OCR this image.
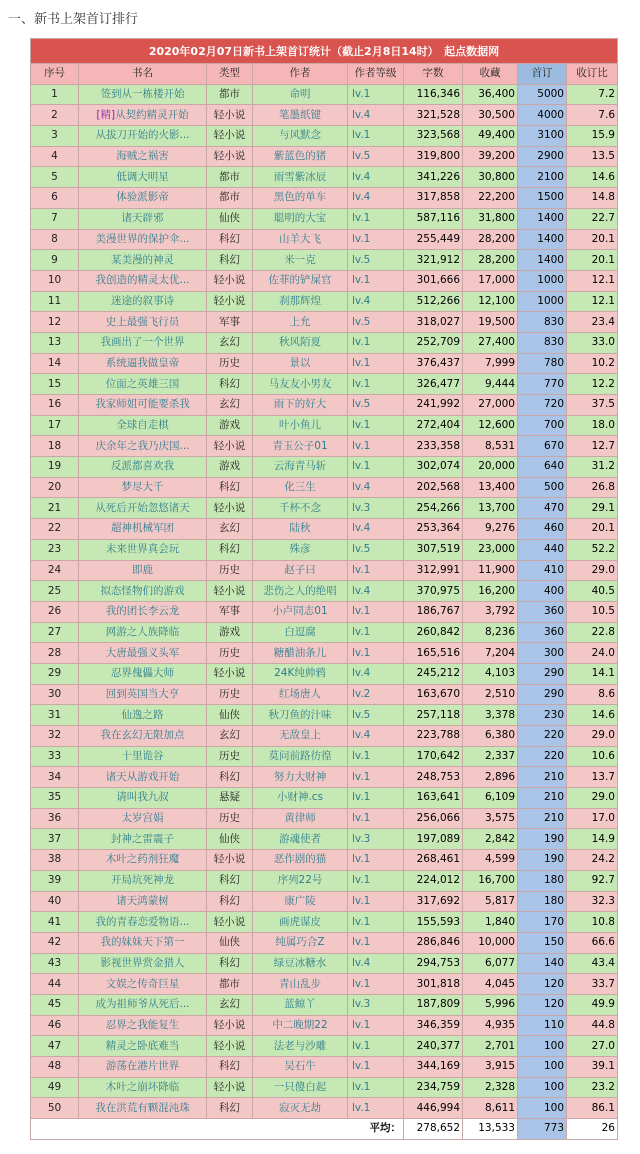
一、新书上架首订排行
2020年02月07日新书上架首订统计（截止2月8日14时）　起点数据网								
序号	书名	类型	作者	作者等级	字数	收藏	首订	收订比
1	签到从一栋楼开始	都市	命明	lv.1	116,346	36,400	5000	7.2
2	[精]从契约精灵开始	轻小说	笔墨纸键	lv.4	321,528	30,500	4000	7.6
3	从拔刀开始的火影...	轻小说	与风默念	lv.1	323,568	49,400	3100	15.9
4	海贼之祸害	轻小说	紫蓝色的猪	lv.5	319,800	39,200	2900	13.5
5	低调大明星	都市	雨雪紫冰辰	lv.4	341,226	30,800	2100	14.6
6	体验派影帝	都市	黑色的单车	lv.4	317,858	22,200	1500	14.8
7	诸天辟邪	仙侠	聪明的大宝	lv.1	587,116	31,800	1400	22.7
8	美漫世界的保护伞...	科幻	山羊大飞	lv.1	255,449	28,200	1400	20.1
9	某美漫的神灵	科幻	米一克	lv.5	321,912	28,200	1400	20.1
10	我创造的精灵太优...	轻小说	佐菲的铲屎官	lv.1	301,666	17,000	1000	12.1
11	迷途的叙事诗	轻小说	刹那辉煌	lv.4	512,266	12,100	1000	12.1
12	史上最强飞行员	军事	上允	lv.5	318,027	19,500	830	23.4
13	我画出了一个世界	玄幻	秋风陌夏	lv.1	252,709	27,400	830	33.0
14	系统逼我做皇帝	历史	景以	lv.1	376,437	7,999	780	10.2
15	位面之英雄三国	科幻	马友友小男友	lv.1	326,477	9,444	770	12.2
16	我家师姐可能要杀我	玄幻	雨下的好大	lv.5	241,992	27,000	720	37.5
17	全球自走棋	游戏	叶小鱼儿	lv.1	272,404	12,600	700	18.0
18	庆余年之我乃庆国...	轻小说	青玉公子01	lv.1	233,358	8,531	670	12.7
19	反派都喜欢我	游戏	云海青马斩	lv.1	302,074	20,000	640	31.2
20	梦尽大千	科幻	化三生	lv.4	202,568	13,400	500	26.8
21	从死后开始忽悠诸天	轻小说	千杯不念	lv.3	254,266	13,700	470	29.1
22	超神机械军团	玄幻	陆秋	lv.4	253,364	9,276	460	20.1
23	未来世界真会玩	科幻	殊彦	lv.5	307,519	23,000	440	52.2
24	即鹿	历史	赵子曰	lv.1	312,991	11,900	410	29.0
25	拟态怪物们的游戏	轻小说	悲伤之人的绝唱	lv.4	370,975	16,200	400	40.5
26	我的团长李云龙	军事	小卢同志01	lv.1	186,767	3,792	360	10.5
27	网游之人族降临	游戏	白逗腐	lv.1	260,842	8,236	360	22.8
28	大唐最强义头军	历史	糖醋油条儿	lv.1	165,516	7,204	300	24.0
29	忍界傀儡大师	轻小说	24K纯帅鸦	lv.4	245,212	4,103	290	14.1
30	回到英国当大亨	历史	红场唐人	lv.2	163,670	2,510	290	8.6
31	仙逸之路	仙侠	秋刀鱼的汁味	lv.5	257,118	3,378	230	14.6
32	我在玄幻无限加点	玄幻	无敌皇上	lv.4	223,788	6,380	220	29.0
33	十里诡谷	历史	莫问前路彷徨	lv.1	170,642	2,337	220	10.6
34	诸天从游戏开始	科幻	努力大财神	lv.1	248,753	2,896	210	13.7
35	请叫我九叔	悬疑	小财神.cs	lv.1	163,641	6,109	210	29.0
36	太岁宫娟	历史	黄律师	lv.1	256,066	3,575	210	17.0
37	封神之雷震子	仙侠	游魂使者	lv.3	197,089	2,842	190	14.9
38	木叶之药剂狂魔	轻小说	恶作剧的猫	lv.1	268,461	4,599	190	24.2
39	开局坑死神龙	科幻	序列22号	lv.1	224,012	16,700	180	92.7
40	诸天鸿蒙树	科幻	康广陵	lv.1	317,692	5,817	180	32.3
41	我的青春恋爱物语...	轻小说	画虎谋皮	lv.1	155,593	1,840	170	10.8
42	我的妹妹天下第一	仙侠	纯属巧合Z	lv.1	286,846	10,000	150	66.6
43	影视世界赏金猎人	科幻	绿豆冰糖水	lv.4	294,753	6,077	140	43.4
44	文娱之传奇巨星	都市	青山乱步	lv.1	301,818	4,045	120	33.7
45	成为祖师爷从死后...	玄幻	蓝鲸丫	lv.3	187,809	5,996	120	49.9
46	忍界之我能复生	轻小说	中二晚期22	lv.1	346,359	4,935	110	44.8
47	精灵之卧底难当	轻小说	法老与沙雕	lv.1	240,377	2,701	100	27.0
48	游荡在港片世界	科幻	吴石牛	lv.1	344,169	3,915	100	39.1
49	木叶之崩坏降临	轻小说	一只傻白起	lv.1	234,759	2,328	100	23.2
50	我在洪荒有颗混沌珠	科幻	寂灭无劫	lv.1	446,994	8,611	100	86.1
平均：					278,652	13,533	773	26
